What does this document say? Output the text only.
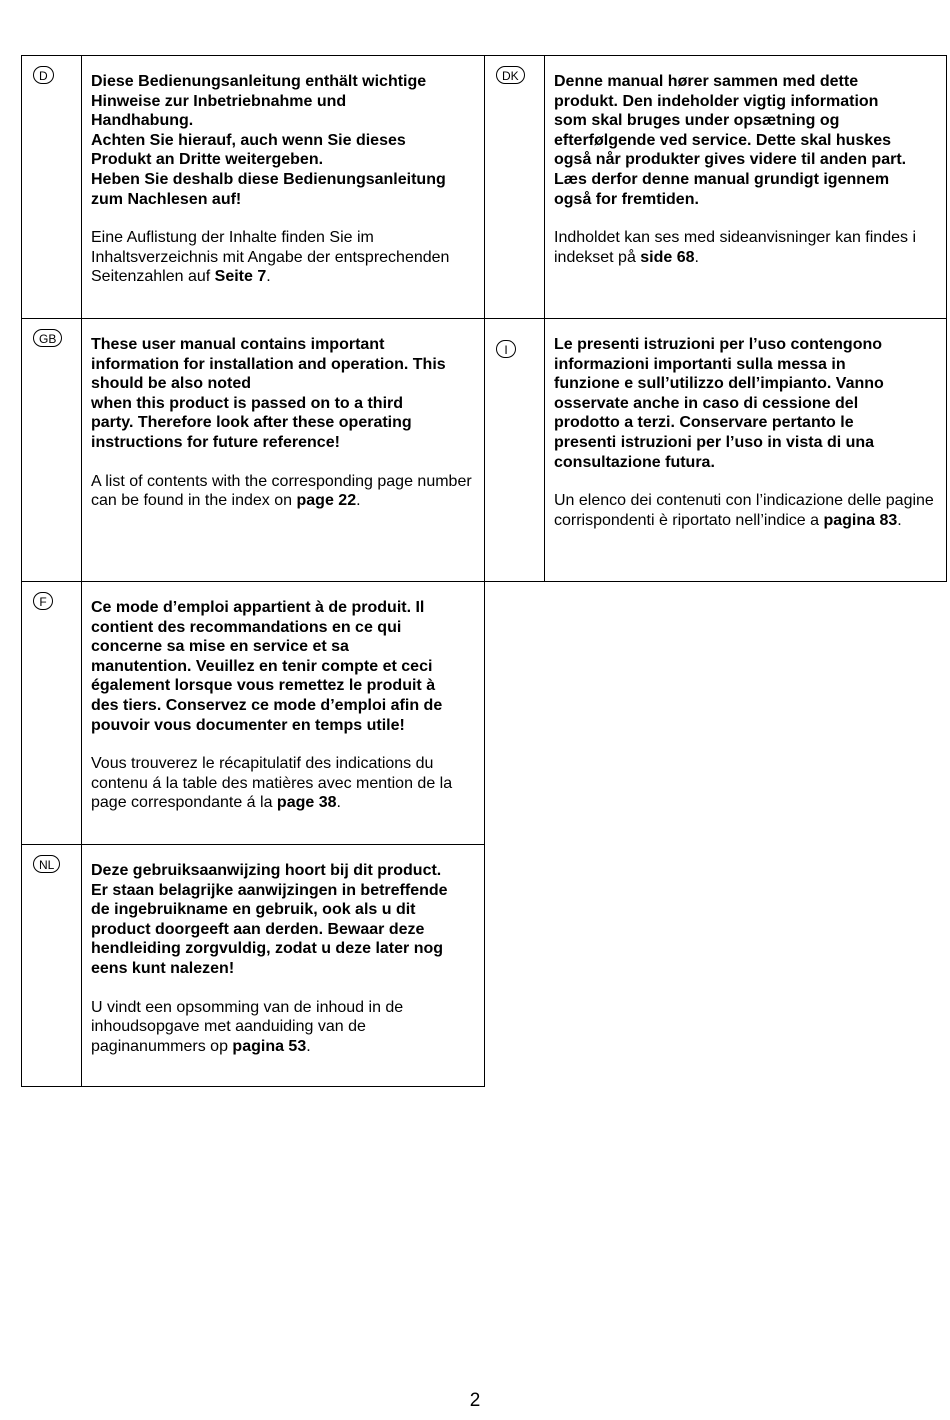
D	Diese Bedienungsanleitung enthält wichtige
Hinweise zur Inbetriebnahme und
Handhabung.
Achten Sie hierauf, auch wenn Sie dieses
Produkt an Dritte weitergeben.
Heben Sie deshalb diese Bedienungsanleitung
zum Nachlesen auf!

Eine Auflistung der Inhalte finden Sie im Inhaltsverzeichnis mit Angabe der entsprechenden Seitenzahlen auf Seite 7.

DK	Denne manual hører sammen med dette
produkt. Den indeholder vigtig information
som skal bruges under opsætning og
efterfølgende ved service. Dette skal huskes
også når produkter gives videre til anden part.
Læs derfor denne manual grundigt igennem
også for fremtiden.

Indholdet kan ses med sideanvisninger kan findes i indekset på side 68.

GB	These user manual contains important
information for installation and operation. This
should be also noted
when this product is passed on to a third
party. Therefore look after these operating
instructions for future reference!

A list of contents with the corresponding page number can be found in the index on page 22.

I	Le presenti istruzioni per l’uso contengono
informazioni importanti sulla messa in
funzione e sull’utilizzo dell’impianto. Vanno
osservate anche in caso di cessione del
prodotto a terzi. Conservare pertanto le
presenti istruzioni per l’uso in vista di una
consultazione futura.

Un elenco dei contenuti con l’indicazione delle pagine corrispondenti è riportato nell’indice a pagina 83.

F	Ce mode d’emploi appartient à de produit. Il
contient des recommandations en ce qui
concerne sa mise en service et sa
manutention. Veuillez en tenir compte et ceci
également lorsque vous remettez le produit à
des tiers. Conservez ce mode d’emploi afin de
pouvoir vous documenter en temps utile!

Vous trouverez le récapitulatif des indications du contenu á la table des matières avec mention de la page correspondante á la page 38.

NL	Deze gebruiksaanwijzing hoort bij dit product.
Er staan belagrijke aanwijzingen in betreffende
de ingebruikname en gebruik, ook als u dit
product doorgeeft aan derden. Bewaar deze
hendleiding zorgvuldig, zodat u deze later nog
eens kunt nalezen!

U vindt een opsomming van de inhoud in de inhoudsopgave met aanduiding van de paginanummers op pagina 53.

2
